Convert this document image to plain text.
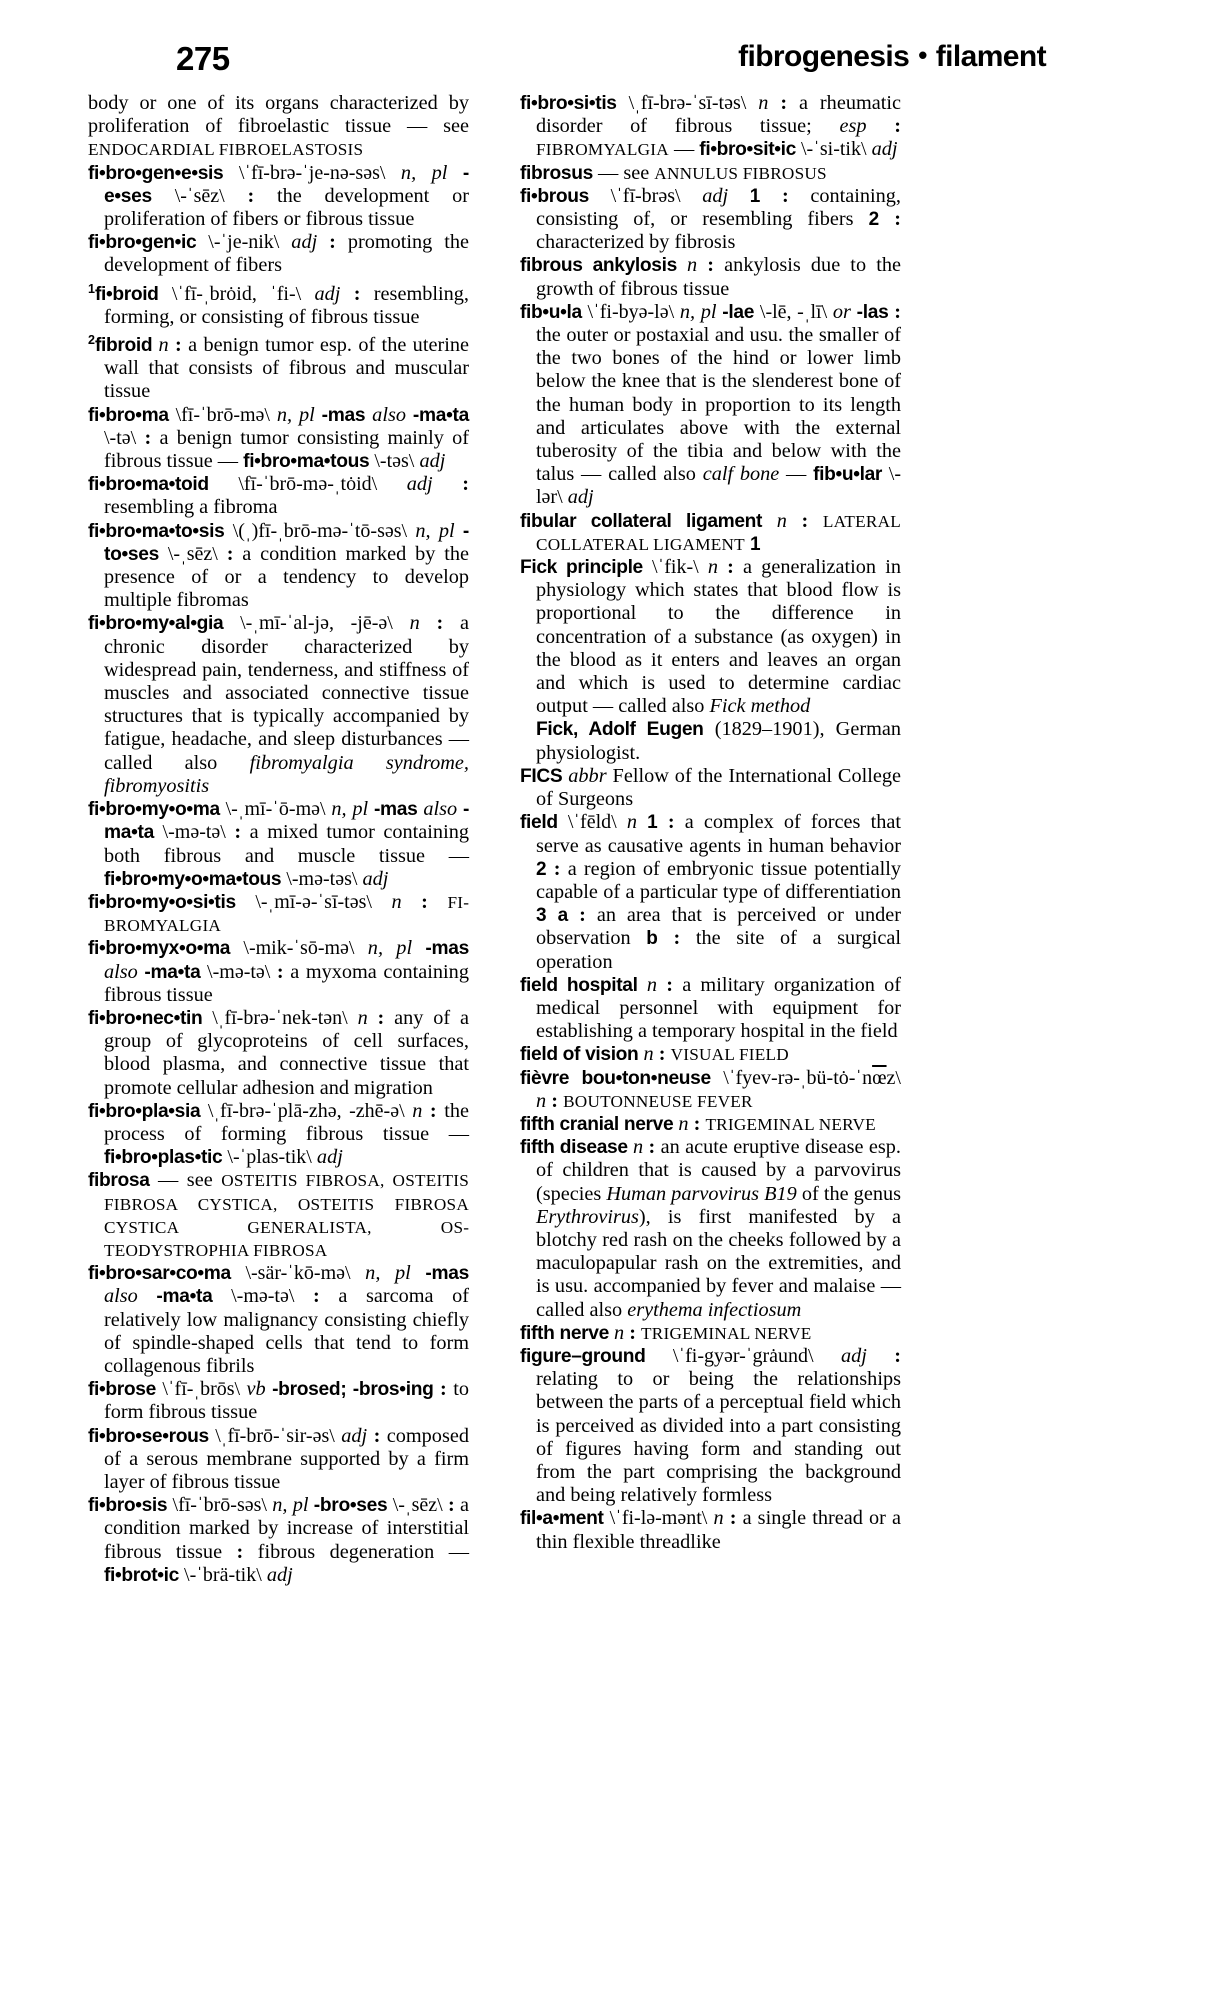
275	fibrogenesis • filament

body or one of its organs characterized by proliferation of fibroelastic tissue — see ENDOCARDIAL FIBROELASTOSIS

fi•bro•gen•e•sis \ˈfī-brə-ˈje-nə-səs\ n, pl -e•ses \-ˈsēz\ : the development or proliferation of fibers or fibrous tissue

fi•bro•gen•ic \-ˈje-nik\ adj : promoting the development of fibers

$^1$fi•broid \ˈfī-ˌbrȯid, ˈfi-\ adj : resembling, forming, or consisting of fibrous tissue

$^2$fibroid n : a benign tumor esp. of the uterine wall that consists of fibrous and muscular tissue

fi•bro•ma \fī-ˈbrō-mə\ n, pl -mas also -ma•ta \-tə\ : a benign tumor consisting mainly of fibrous tissue — fi•bro•ma•tous \-təs\ adj

fi•bro•ma•toid \fī-ˈbrō-mə-ˌtȯid\ adj : resembling a fibroma

fi•bro•ma•to•sis \(ˌ)fī-ˌbrō-mə-ˈtō-səs\ n, pl -to•ses \-ˌsēz\ : a condition marked by the presence of or a tendency to develop multiple fibromas

fi•bro•my•al•gia \-ˌmī-ˈal-jə, -jē-ə\ n : a chronic disorder characterized by widespread pain, tenderness, and stiffness of muscles and associated connective tissue structures that is typically accompanied by fatigue, headache, and sleep disturbances — called also fibromyalgia syndrome, fibromyositis

fi•bro•my•o•ma \-ˌmī-ˈō-mə\ n, pl -mas also -ma•ta \-mə-tə\ : a mixed tumor containing both fibrous and muscle tissue — fi•bro•my•o•ma•tous \-mə-təs\ adj

fi•bro•my•o•si•tis \-ˌmī-ə-ˈsī-təs\ n : FIBROMYALGIA

fi•bro•myx•o•ma \-mik-ˈsō-mə\ n, pl -mas also -ma•ta \-mə-tə\ : a myxoma containing fibrous tissue

fi•bro•nec•tin \ˌfī-brə-ˈnek-tən\ n : any of a group of glycoproteins of cell surfaces, blood plasma, and connective tissue that promote cellular adhesion and migration

fi•bro•pla•sia \ˌfī-brə-ˈplā-zhə, -zhē-ə\ n : the process of forming fibrous tissue — fi•bro•plas•tic \-ˈplas-tik\ adj

fibrosa — see OSTEITIS FIBROSA, OSTEITIS FIBROSA CYSTICA, OSTEITIS FIBROSA CYSTICA GENERALISTA, OSTEODYSTROPHIA FIBROSA

fi•bro•sar•co•ma \-sär-ˈkō-mə\ n, pl -mas also -ma•ta \-mə-tə\ : a sarcoma of relatively low malignancy consisting chiefly of spindle-shaped cells that tend to form collagenous fibrils

fi•brose \ˈfī-ˌbrōs\ vb -brosed; -bros•ing : to form fibrous tissue

fi•bro•se•rous \ˌfī-brō-ˈsir-əs\ adj : composed of a serous membrane supported by a firm layer of fibrous tissue

fi•bro•sis \fī-ˈbrō-səs\ n, pl -bro•ses \-ˌsēz\ : a condition marked by increase of interstitial fibrous tissue : fibrous degeneration — fi•brot•ic \-ˈbrä-tik\ adj

fi•bro•si•tis \ˌfī-brə-ˈsī-təs\ n : a rheumatic disorder of fibrous tissue; esp : FIBROMYALGIA — fi•bro•sit•ic \-ˈsi-tik\ adj

fibrosus — see ANNULUS FIBROSUS

fi•brous \ˈfī-brəs\ adj 1 : containing, consisting of, or resembling fibers 2 : characterized by fibrosis

fibrous ankylosis n : ankylosis due to the growth of fibrous tissue

fib•u•la \ˈfi-byə-lə\ n, pl -lae \-lē, -ˌlī\ or -las : the outer or postaxial and usu. the smaller of the two bones of the hind or lower limb below the knee that is the slenderest bone of the human body in proportion to its length and articulates above with the external tuberosity of the tibia and below with the talus — called also calf bone — fib•u•lar \-lər\ adj

fibular collateral ligament n : LATERAL COLLATERAL LIGAMENT 1

Fick principle \ˈfik-\ n : a generalization in physiology which states that blood flow is proportional to the difference in concentration of a substance (as oxygen) in the blood as it enters and leaves an organ and which is used to determine cardiac output — called also Fick method

Fick, Adolf Eugen (1829–1901), German physiologist.

FICS abbr Fellow of the International College of Surgeons

field \ˈfēld\ n 1 : a complex of forces that serve as causative agents in human behavior 2 : a region of embryonic tissue potentially capable of a particular type of differentiation 3 a : an area that is perceived or under observation b : the site of a surgical operation

field hospital n : a military organization of medical personnel with equipment for establishing a temporary hospital in the field

field of vision n : VISUAL FIELD

fièvre bou•ton•neuse $\backslash ˈfyev-rə-ˌbü-tȯ-ˈn\overline{œ}z\backslash$ n : BOUTONNEUSE FEVER

fifth cranial nerve n : TRIGEMINAL NERVE

fifth disease n : an acute eruptive disease esp. of children that is caused by a parvovirus (species Human parvovirus B19 of the genus Erythrovirus), is first manifested by a blotchy red rash on the cheeks followed by a maculopapular rash on the extremities, and is usu. accompanied by fever and malaise — called also erythema infectiosum

fifth nerve n : TRIGEMINAL NERVE

figure–ground \ˈfi-gyər-ˈgrȧund\ adj : relating to or being the relationships between the parts of a perceptual field which is perceived as divided into a part consisting of figures having form and standing out from the part comprising the background and being relatively formless

fil•a•ment \ˈfi-lə-mənt\ n : a single thread or a thin flexible threadlike
